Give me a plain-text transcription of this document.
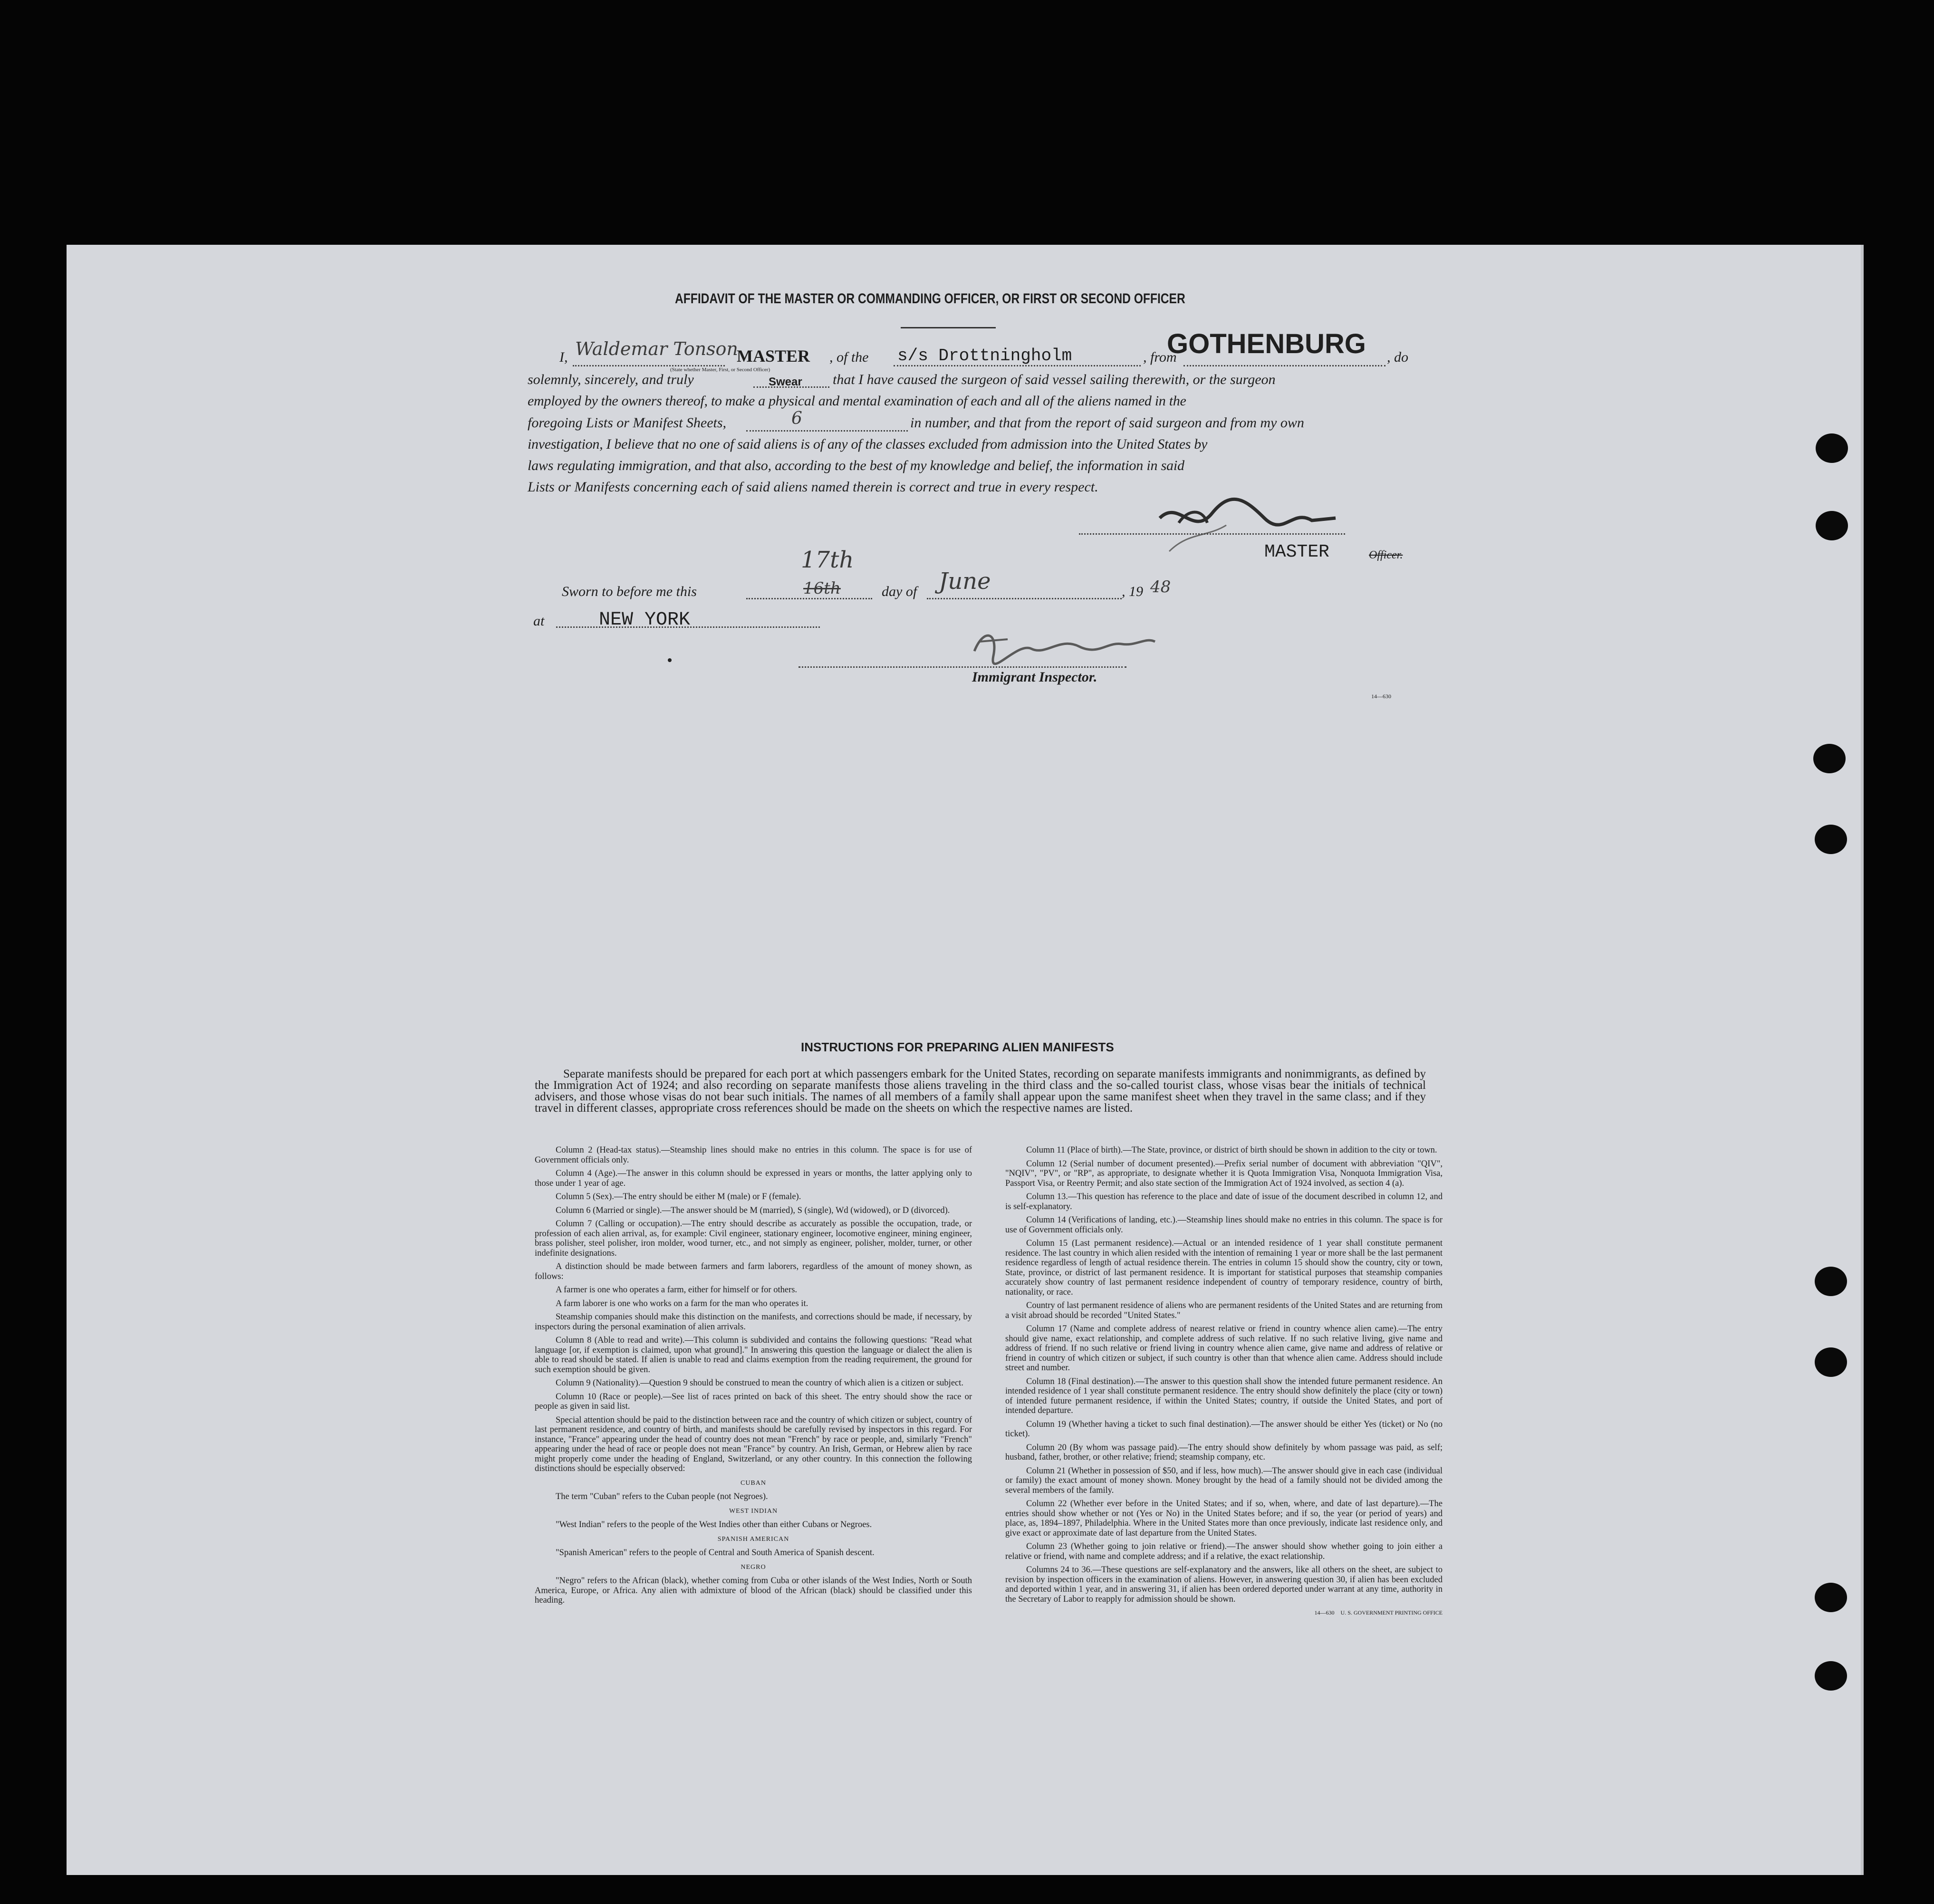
AFFIDAVIT OF THE MASTER OR COMMANDING OFFICER, OR FIRST OR SECOND OFFICER
I, Waldemar Tonson
MASTER
(State whether Master, First, or Second Officer)
, of the s/s Drottningholm	, from
GOTHENBURG , do
solemnly, sincerely, and truly	Swear that I have caused the surgeon of said vessel sailing therewith, or the surgeon
employed by the owners thereof, to make a physical and mental examination of each and all of the aliens named in the
foregoing Lists or Manifest Sheets,	6	in number, and that from the report of said surgeon and from my own
investigation, I believe that no one of said aliens is of any of the classes excluded from admission into the United States by
laws regulating immigration, and that also, according to the best of my knowledge and belief, the information in said
Lists or Manifests concerning each of said aliens named therein is correct and true in every respect.
MASTER	Officer.
Sworn to before me this	16th
17th
day of June	, 19 48
at	NEW YORK
Immigrant Inspector.
14—630
INSTRUCTIONS FOR PREPARING ALIEN MANIFESTS
Separate manifests should be prepared for each port at which passengers embark for the United States, recording on separate manifests immigrants and nonimmigrants, as defined by the Immigration Act of 1924; and also recording on separate manifests those aliens traveling in the third class and the so-called tourist class, whose visas bear the initials of technical advisers, and those whose visas do not bear such initials. The names of all members of a family shall appear upon the same manifest sheet when they travel in the same class; and if they travel in different classes, appropriate cross references should be made on the sheets on which the respective names are listed.

Column 2 (Head-tax status).—Steamship lines should make no entries in this column. The space is for use of Government officials only.

Column 4 (Age).—The answer in this column should be expressed in years or months, the latter applying only to those under 1 year of age.

Column 5 (Sex).—The entry should be either M (male) or F (female).

Column 6 (Married or single).—The answer should be M (married), S (single), Wd (widowed), or D (divorced).

Column 7 (Calling or occupation).—The entry should describe as accurately as possible the occupation, trade, or profession of each alien arrival, as, for example: Civil engineer, stationary engineer, locomotive engineer, mining engineer, brass polisher, steel polisher, iron molder, wood turner, etc., and not simply as engineer, polisher, molder, turner, or other indefinite designations.

A distinction should be made between farmers and farm laborers, regardless of the amount of money shown, as follows:

A farmer is one who operates a farm, either for himself or for others.

A farm laborer is one who works on a farm for the man who operates it.

Steamship companies should make this distinction on the manifests, and corrections should be made, if necessary, by inspectors during the personal examination of alien arrivals.

Column 8 (Able to read and write).—This column is subdivided and contains the following questions: "Read what language [or, if exemption is claimed, upon what ground]." In answering this question the language or dialect the alien is able to read should be stated. If alien is unable to read and claims exemption from the reading requirement, the ground for such exemption should be given.

Column 9 (Nationality).—Question 9 should be construed to mean the country of which alien is a citizen or subject.

Column 10 (Race or people).—See list of races printed on back of this sheet. The entry should show the race or people as given in said list.

Special attention should be paid to the distinction between race and the country of which citizen or subject, country of last permanent residence, and country of birth, and manifests should be carefully revised by inspectors in this regard. For instance, "France" appearing under the head of country does not mean "French" by race or people, and, similarly "French" appearing under the head of race or people does not mean "France" by country. An Irish, German, or Hebrew alien by race might properly come under the heading of England, Switzerland, or any other country. In this connection the following distinctions should be especially observed:

CUBAN

The term "Cuban" refers to the Cuban people (not Negroes).

WEST INDIAN

"West Indian" refers to the people of the West Indies other than either Cubans or Negroes.

SPANISH AMERICAN

"Spanish American" refers to the people of Central and South America of Spanish descent.

NEGRO

"Negro" refers to the African (black), whether coming from Cuba or other islands of the West Indies, North or South America, Europe, or Africa. Any alien with admixture of blood of the African (black) should be classified under this heading.

Column 11 (Place of birth).—The State, province, or district of birth should be shown in addition to the city or town.

Column 12 (Serial number of document presented).—Prefix serial number of document with abbreviation "QIV", "NQIV", "PV", or "RP", as appropriate, to designate whether it is Quota Immigration Visa, Nonquota Immigration Visa, Passport Visa, or Reentry Permit; and also state section of the Immigration Act of 1924 involved, as section 4 (a).

Column 13.—This question has reference to the place and date of issue of the document described in column 12, and is self-explanatory.

Column 14 (Verifications of landing, etc.).—Steamship lines should make no entries in this column. The space is for use of Government officials only.

Column 15 (Last permanent residence).—Actual or an intended residence of 1 year shall constitute permanent residence. The last country in which alien resided with the intention of remaining 1 year or more shall be the last permanent residence regardless of length of actual residence therein. The entries in column 15 should show the country, city or town, State, province, or district of last permanent residence. It is important for statistical purposes that steamship companies accurately show country of last permanent residence independent of country of temporary residence, country of birth, nationality, or race.

Country of last permanent residence of aliens who are permanent residents of the United States and are returning from a visit abroad should be recorded "United States."

Column 17 (Name and complete address of nearest relative or friend in country whence alien came).—The entry should give name, exact relationship, and complete address of such relative. If no such relative living, give name and address of friend. If no such relative or friend living in country whence alien came, give name and address of relative or friend in country of which citizen or subject, if such country is other than that whence alien came. Address should include street and number.

Column 18 (Final destination).—The answer to this question shall show the intended future permanent residence. An intended residence of 1 year shall constitute permanent residence. The entry should show definitely the place (city or town) of intended future permanent residence, if within the United States; country, if outside the United States, and port of intended departure.

Column 19 (Whether having a ticket to such final destination).—The answer should be either Yes (ticket) or No (no ticket).

Column 20 (By whom was passage paid).—The entry should show definitely by whom passage was paid, as self; husband, father, brother, or other relative; friend; steamship company, etc.

Column 21 (Whether in possession of $50, and if less, how much).—The answer should give in each case (individual or family) the exact amount of money shown. Money brought by the head of a family should not be divided among the several members of the family.

Column 22 (Whether ever before in the United States; and if so, when, where, and date of last departure).—The entries should show whether or not (Yes or No) in the United States before; and if so, the year (or period of years) and place, as, 1894–1897, Philadelphia. Where in the United States more than once previously, indicate last residence only, and give exact or approximate date of last departure from the United States.

Column 23 (Whether going to join relative or friend).—The answer should show whether going to join either a relative or friend, with name and complete address; and if a relative, the exact relationship.

Columns 24 to 36.—These questions are self-explanatory and the answers, like all others on the sheet, are subject to revision by inspection officers in the examination of aliens. However, in answering question 30, if alien has been excluded and deported within 1 year, and in answering 31, if alien has been ordered deported under warrant at any time, authority in the Secretary of Labor to reapply for admission should be shown.

14—630 U. S. GOVERNMENT PRINTING OFFICE
